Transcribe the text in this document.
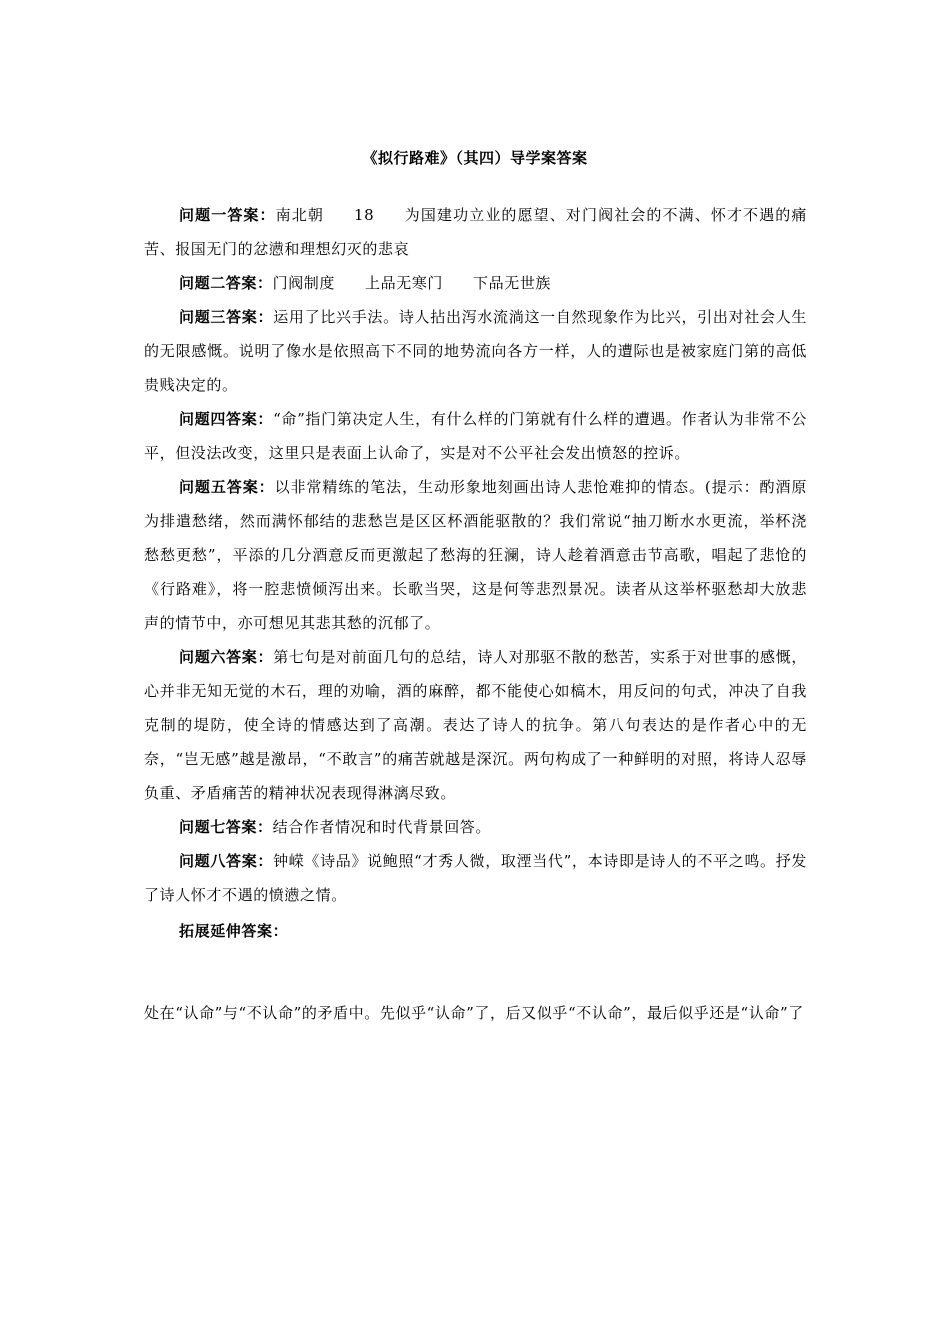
《拟行路难》（其四）导学案答案

问题一答案：南北朝 18 为国建功立业的愿望、对门阀社会的不满、怀才不遇的痛苦、报国无门的忿懑和理想幻灭的悲哀

问题二答案：门阀制度 上品无寒门 下品无世族

问题三答案：运用了比兴手法。诗人拈出泻水流淌这一自然现象作为比兴，引出对社会人生的无限感慨。说明了像水是依照高下不同的地势流向各方一样，人的遭际也是被家庭门第的高低贵贱决定的。

问题四答案：“命”指门第决定人生，有什么样的门第就有什么样的遭遇。作者认为非常不公平，但没法改变，这里只是表面上认命了，实是对不公平社会发出愤怒的控诉。

问题五答案：以非常精练的笔法，生动形象地刻画出诗人悲怆难抑的情态。(提示：酌酒原为排遣愁绪，然而满怀郁结的悲愁岂是区区杯酒能驱散的？我们常说“抽刀断水水更流，举杯浇愁愁更愁”，平添的几分酒意反而更激起了愁海的狂澜，诗人趁着酒意击节高歌，唱起了悲怆的《行路难》，将一腔悲愤倾泻出来。长歌当哭，这是何等悲烈景况。读者从这举杯驱愁却大放悲声的情节中，亦可想见其悲其愁的沉郁了。

问题六答案：第七句是对前面几句的总结，诗人对那驱不散的愁苦，实系于对世事的感慨，心并非无知无觉的木石，理的劝喻，酒的麻醉，都不能使心如槁木，用反问的句式，冲决了自我克制的堤防，使全诗的情感达到了高潮。表达了诗人的抗争。第八句表达的是作者心中的无奈，“岂无感”越是激昂，“不敢言”的痛苦就越是深沉。两句构成了一种鲜明的对照，将诗人忍辱负重、矛盾痛苦的精神状况表现得淋漓尽致。

问题七答案：结合作者情况和时代背景回答。

问题八答案：钟嵘《诗品》说鲍照“才秀人微，取湮当代”，本诗即是诗人的不平之鸣。抒发了诗人怀才不遇的愤懑之情。

拓展延伸答案：

处在“认命”与“不认命”的矛盾中。先似乎“认命”了，后又似乎“不认命”，最后似乎还是“认命”了
